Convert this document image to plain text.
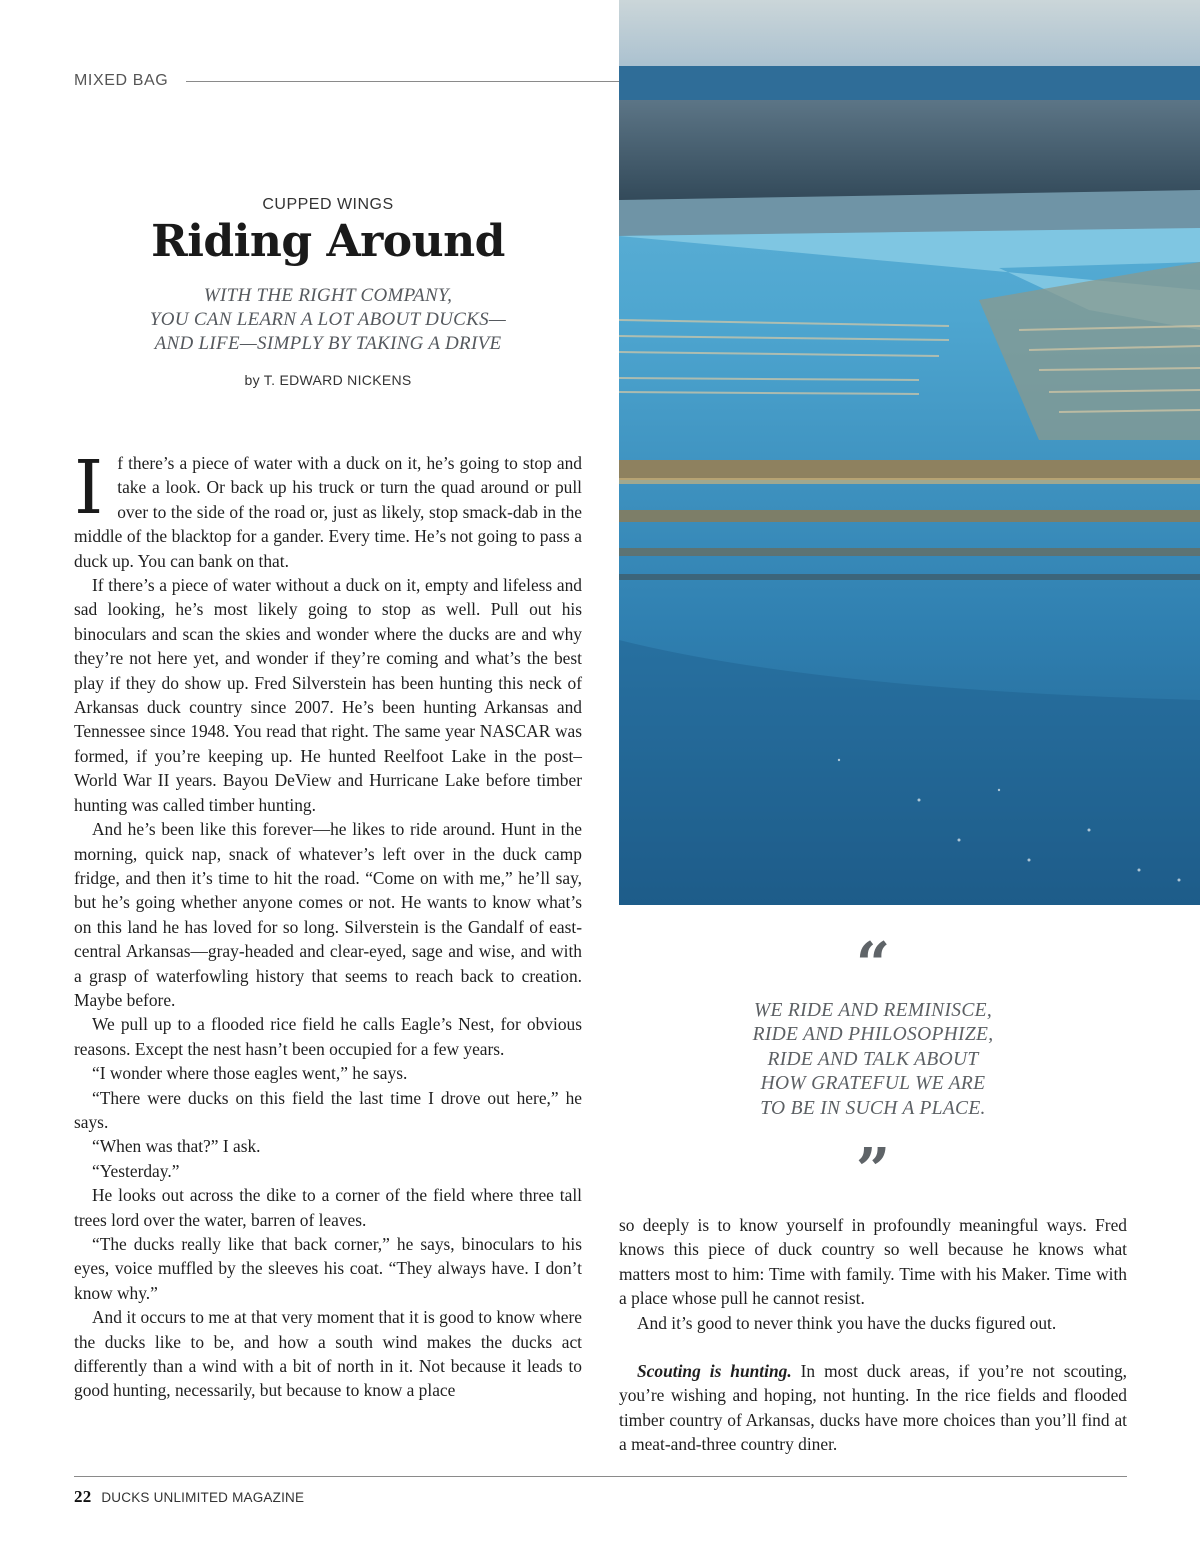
MIXED BAG
CUPPED WINGS
Riding Around
WITH THE RIGHT COMPANY,
YOU CAN LEARN A LOT ABOUT DUCKS—
AND LIFE—SIMPLY BY TAKING A DRIVE
by T. EDWARD NICKENS

If there’s a piece of water with a duck on it, he’s going to stop and take a look. Or back up his truck or turn the quad around or pull over to the side of the road or, just as likely, stop smack-dab in the middle of the blacktop for a gander. Every time. He’s not going to pass a duck up. You can bank on that.

If there’s a piece of water without a duck on it, empty and lifeless and sad looking, he’s most likely going to stop as well. Pull out his binoculars and scan the skies and wonder where the ducks are and why they’re not here yet, and wonder if they’re coming and what’s the best play if they do show up. Fred Silverstein has been hunting this neck of Arkansas duck country since 2007. He’s been hunting Arkansas and Tennessee since 1948. You read that right. The same year NASCAR was formed, if you’re keeping up. He hunted Reelfoot Lake in the post–World War II years. Bayou DeView and Hurricane Lake before timber hunting was called timber hunting.

And he’s been like this forever—he likes to ride around. Hunt in the morning, quick nap, snack of whatever’s left over in the duck camp fridge, and then it’s time to hit the road. “Come on with me,” he’ll say, but he’s going whether anyone comes or not. He wants to know what’s on this land he has loved for so long. Silverstein is the Gandalf of east-central Arkansas—gray-headed and clear-eyed, sage and wise, and with a grasp of waterfowling history that seems to reach back to creation. Maybe before.

We pull up to a flooded rice field he calls Eagle’s Nest, for obvious reasons. Except the nest hasn’t been occupied for a few years.

“I wonder where those eagles went,” he says.

“There were ducks on this field the last time I drove out here,” he says.

“When was that?” I ask.

“Yesterday.”

He looks out across the dike to a corner of the field where three tall trees lord over the water, barren of leaves.

“The ducks really like that back corner,” he says, binoculars to his eyes, voice muffled by the sleeves his coat. “They always have. I don’t know why.”

And it occurs to me at that very moment that it is good to know where the ducks like to be, and how a south wind makes the ducks act differently than a wind with a bit of north in it. Not because it leads to good hunting, necessarily, but because to know a place

“
WE RIDE AND REMINISCE,
RIDE AND PHILOSOPHIZE,
RIDE AND TALK ABOUT
HOW GRATEFUL WE ARE
TO BE IN SUCH A PLACE.
”

so deeply is to know yourself in profoundly meaningful ways. Fred knows this piece of duck country so well because he knows what matters most to him: Time with family. Time with his Maker. Time with a place whose pull he cannot resist.

And it’s good to never think you have the ducks figured out.

Scouting is hunting. In most duck areas, if you’re not scouting, you’re wishing and hoping, not hunting. In the rice fields and flooded timber country of Arkansas, ducks have more choices than you’ll find at a meat-and-three country diner.

22 DUCKS UNLIMITED MAGAZINE
